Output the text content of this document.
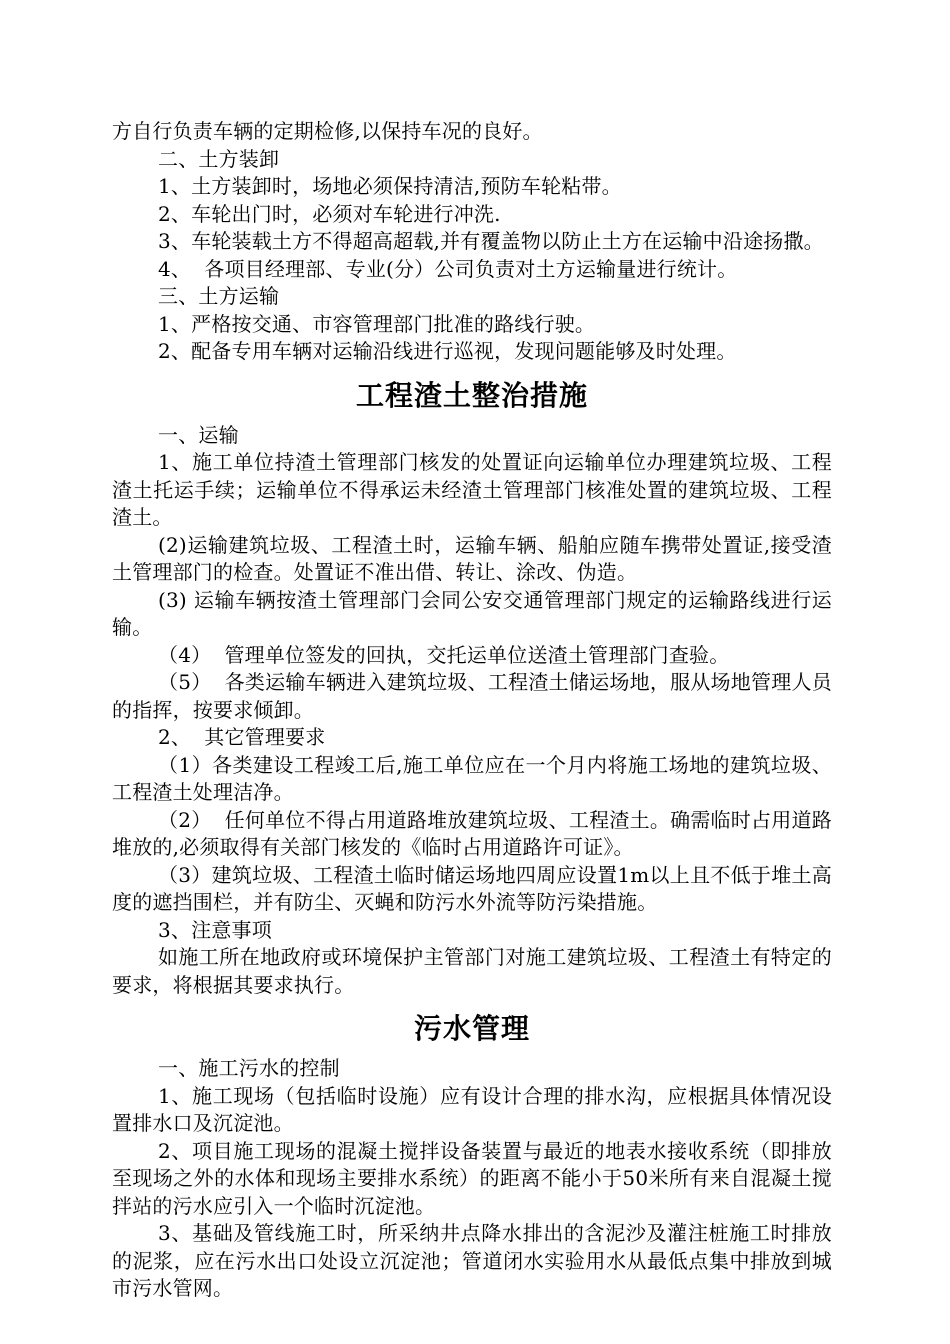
方自行负责车辆的定期检修,以保持车况的良好。

二、土方装卸

1、土方装卸时，场地必须保持清洁,预防车轮粘带。

2、车轮出门时，必须对车轮进行冲洗.

3、车轮装载土方不得超高超载,并有覆盖物以防止土方在运输中沿途扬撒。

4、  各项目经理部、专业(分）公司负责对土方运输量进行统计。

三、土方运输

1、严格按交通、市容管理部门批准的路线行驶。

2、配备专用车辆对运输沿线进行巡视，发现问题能够及时处理。

工程渣土整治措施

一、运输

1、施工单位持渣土管理部门核发的处置证向运输单位办理建筑垃圾、工程渣土托运手续；运输单位不得承运未经渣土管理部门核准处置的建筑垃圾、工程渣土。

(2)运输建筑垃圾、工程渣土时，运输车辆、船舶应随车携带处置证,接受渣土管理部门的检查。处置证不准出借、转让、涂改、伪造。

(3) 运输车辆按渣土管理部门会同公安交通管理部门规定的运输路线进行运输。

（4）  管理单位签发的回执，交托运单位送渣土管理部门查验。

（5）  各类运输车辆进入建筑垃圾、工程渣土储运场地，服从场地管理人员的指挥，按要求倾卸。

2、  其它管理要求

（1）各类建设工程竣工后,施工单位应在一个月内将施工场地的建筑垃圾、工程渣土处理洁净。

（2）  任何单位不得占用道路堆放建筑垃圾、工程渣土。确需临时占用道路堆放的,必须取得有关部门核发的《临时占用道路许可证》。

（3）建筑垃圾、工程渣土临时储运场地四周应设置1m以上且不低于堆土高度的遮挡围栏，并有防尘、灭蝇和防污水外流等防污染措施。

3、注意事项

如施工所在地政府或环境保护主管部门对施工建筑垃圾、工程渣土有特定的要求，将根据其要求执行。

污水管理

一、施工污水的控制

1、施工现场（包括临时设施）应有设计合理的排水沟，应根据具体情况设置排水口及沉淀池。

2、项目施工现场的混凝土搅拌设备装置与最近的地表水接收系统（即排放至现场之外的水体和现场主要排水系统）的距离不能小于50米所有来自混凝土搅拌站的污水应引入一个临时沉淀池。

3、基础及管线施工时，所采纳井点降水排出的含泥沙及灌注桩施工时排放的泥浆，应在污水出口处设立沉淀池；管道闭水实验用水从最低点集中排放到城市污水管网。
